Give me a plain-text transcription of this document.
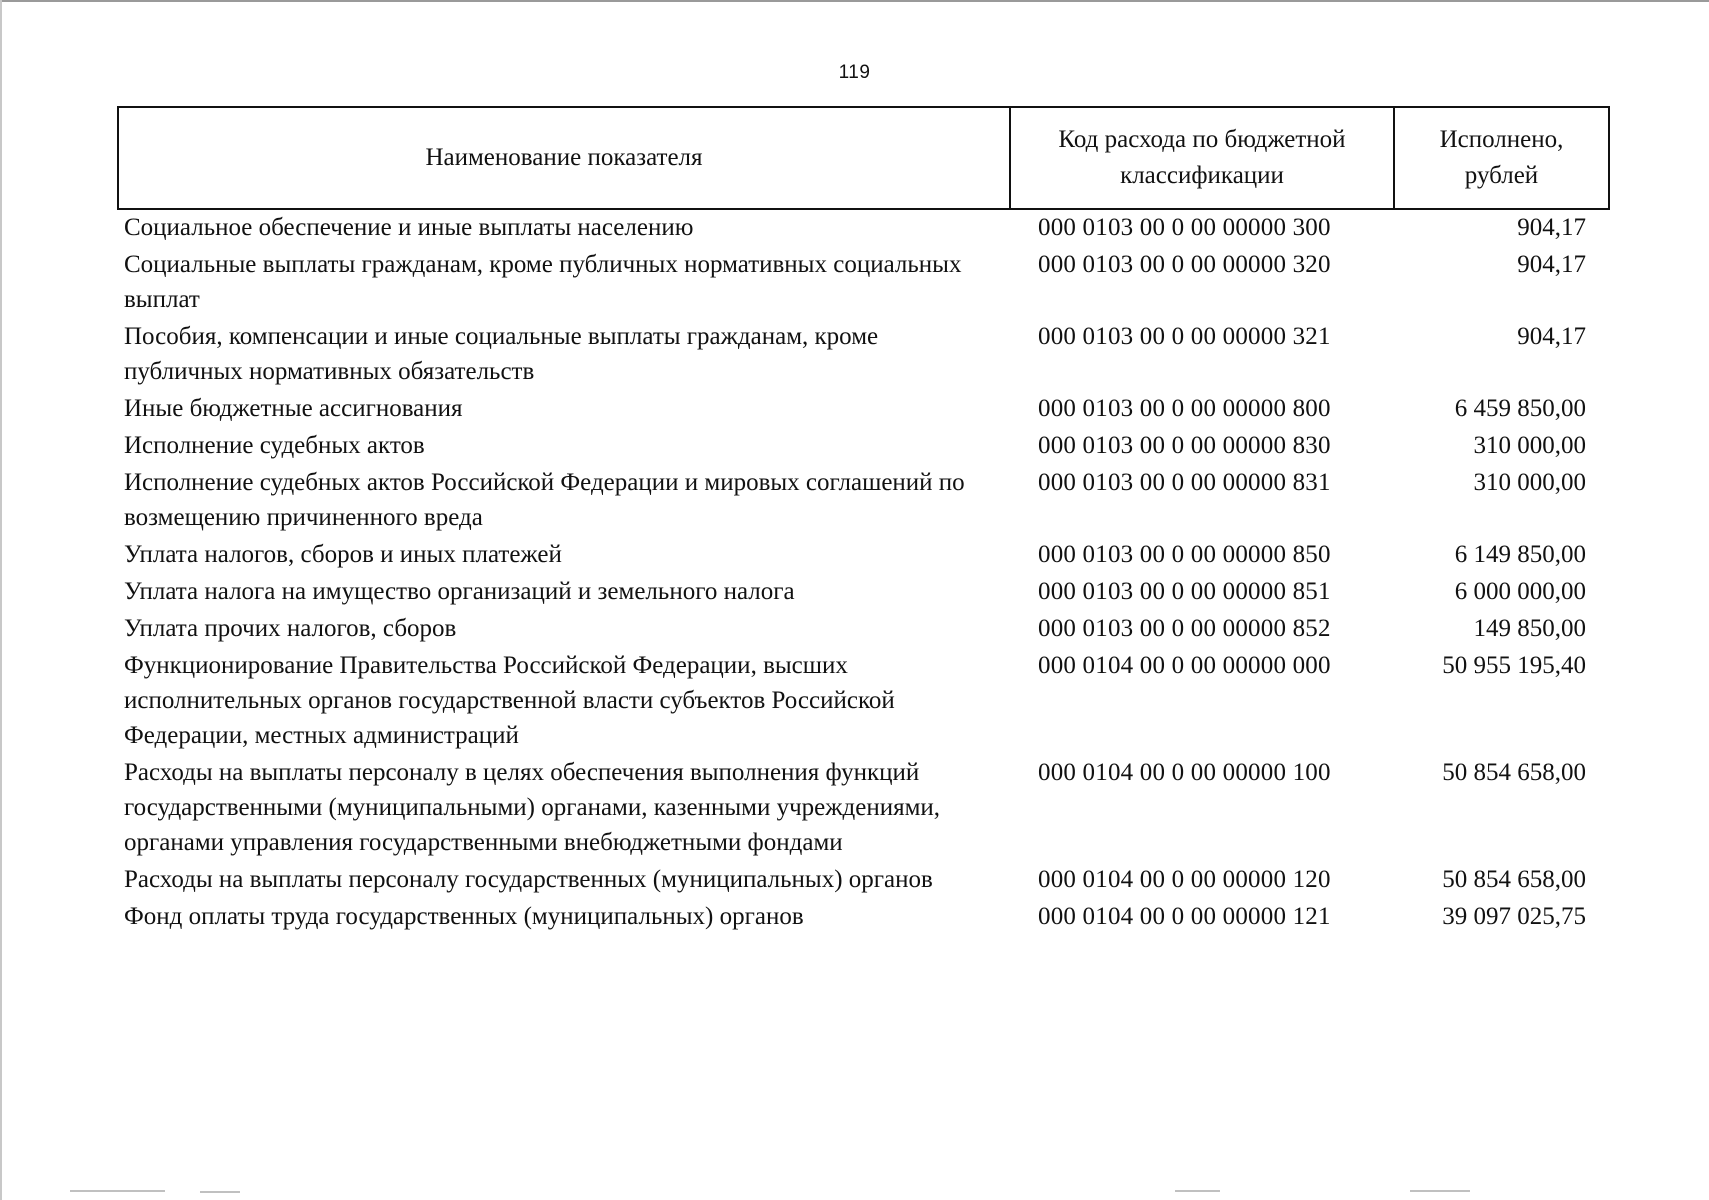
119
Наименование показателя	Код расхода по бюджетной классификации	Исполнено, рублей
Социальное обеспечение и иные выплаты населению	000 0103 00 0 00 00000 300	904,17
Социальные выплаты гражданам, кроме публичных нормативных социальных выплат	000 0103 00 0 00 00000 320	904,17
Пособия, компенсации и иные социальные выплаты гражданам, кроме публичных нормативных обязательств	000 0103 00 0 00 00000 321	904,17
Иные бюджетные ассигнования	000 0103 00 0 00 00000 800	6 459 850,00
Исполнение судебных актов	000 0103 00 0 00 00000 830	310 000,00
Исполнение судебных актов Российской Федерации и мировых соглашений по возмещению причиненного вреда	000 0103 00 0 00 00000 831	310 000,00
Уплата налогов, сборов и иных платежей	000 0103 00 0 00 00000 850	6 149 850,00
Уплата налога на имущество организаций и земельного налога	000 0103 00 0 00 00000 851	6 000 000,00
Уплата прочих налогов, сборов	000 0103 00 0 00 00000 852	149 850,00
Функционирование Правительства Российской Федерации, высших исполнительных органов государственной власти субъектов Российской Федерации, местных администраций	000 0104 00 0 00 00000 000	50 955 195,40
Расходы на выплаты персоналу в целях обеспечения выполнения функций государственными (муниципальными) органами, казенными учреждениями, органами управления государственными внебюджетными фондами	000 0104 00 0 00 00000 100	50 854 658,00
Расходы на выплаты персоналу государственных (муниципальных) органов	000 0104 00 0 00 00000 120	50 854 658,00
Фонд оплаты труда государственных (муниципальных) органов	000 0104 00 0 00 00000 121	39 097 025,75
